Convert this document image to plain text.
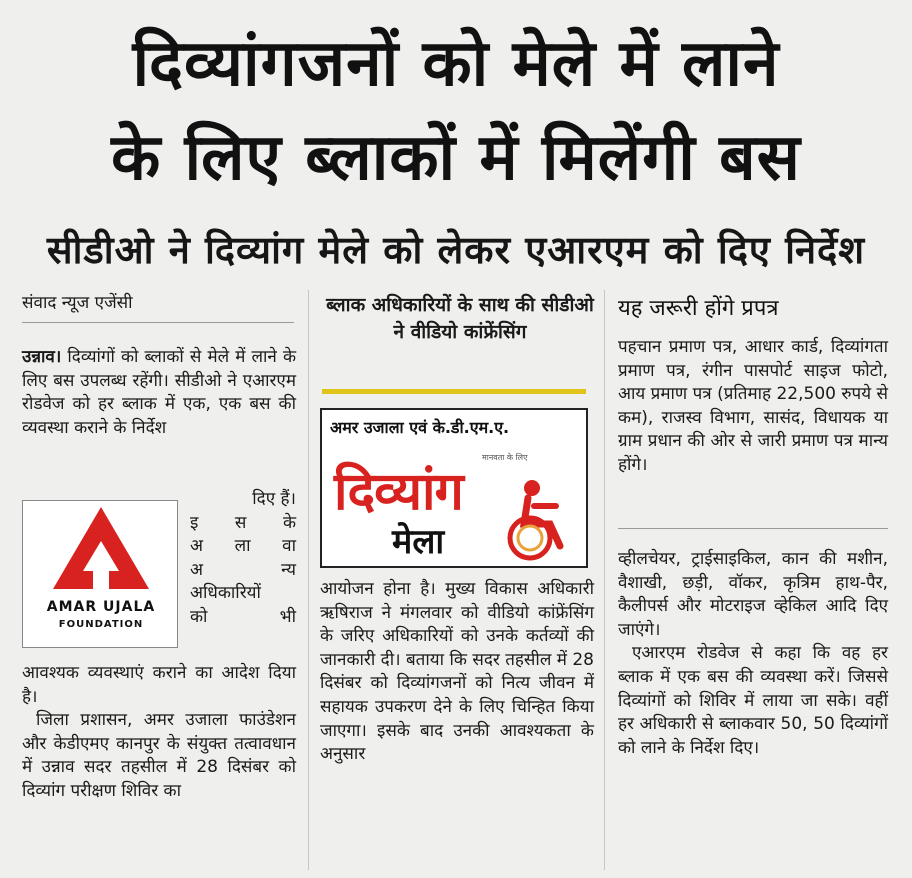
दिव्यांगजनों को मेले में लाने
के लिए ब्लाकों में मिलेंगी बस
सीडीओ ने दिव्यांग मेले को लेकर एआरएम को दिए निर्देश
संवाद न्यूज एजेंसी

उन्नाव। दिव्यांगों को ब्लाकों से मेले में लाने के लिए बस उपलब्ध रहेंगी। सीडीओ ने एआरएम रोडवेज को हर ब्लाक में एक, एक बस की व्यवस्था कराने के निर्देश

AMAR UJALA
FOUNDATION

दिए हैं।

इ स के

अ ला वा

अ न्य

अधिकारियों

को भी

आवश्यक व्यवस्थाएं कराने का आदेश दिया है।

जिला प्रशासन, अमर उजाला फाउंडेशन और केडीएमए कानपुर के संयुक्त तत्वावधान में उन्नाव सदर तहसील में 28 दिसंबर को दिव्यांग परीक्षण शिविर का

ब्लाक अधिकारियों के साथ की सीडीओ ने वीडियो कांफ्रेंसिंग
अमर उजाला एवं के.डी.एम.ए.
मानवता के लिए
दिव्यांग
मेला

आयोजन होना है। मुख्य विकास अधिकारी ऋषिराज ने मंगलवार को वीडियो कांफ्रेंसिंग के जरिए अधिकारियों को उनके कर्तव्यों की जानकारी दी। बताया कि सदर तहसील में 28 दिसंबर को दिव्यांगजनों को नित्य जीवन में सहायक उपकरण देने के लिए चिन्हित किया जाएगा। इसके बाद उनकी आवश्यकता के अनुसार

यह जरूरी होंगे प्रपत्र

पहचान प्रमाण पत्र, आधार कार्ड, दिव्यांगता प्रमाण पत्र, रंगीन पासपोर्ट साइज फोटो, आय प्रमाण पत्र (प्रतिमाह 22,500 रुपये से कम), राजस्व विभाग, सासंद, विधायक या ग्राम प्रधान की ओर से जारी प्रमाण पत्र मान्य होंगे।

व्हीलचेयर, ट्राईसाइकिल, कान की मशीन, वैशाखी, छड़ी, वॉकर, कृत्रिम हाथ-पैर, कैलीपर्स और मोटराइज व्हेकिल आदि दिए जाएंगे।

एआरएम रोडवेज से कहा कि वह हर ब्लाक में एक बस की व्यवस्था करें। जिससे दिव्यांगों को शिविर में लाया जा सके। वहीं हर अधिकारी से ब्लाकवार 50, 50 दिव्यांगों को लाने के निर्देश दिए।
